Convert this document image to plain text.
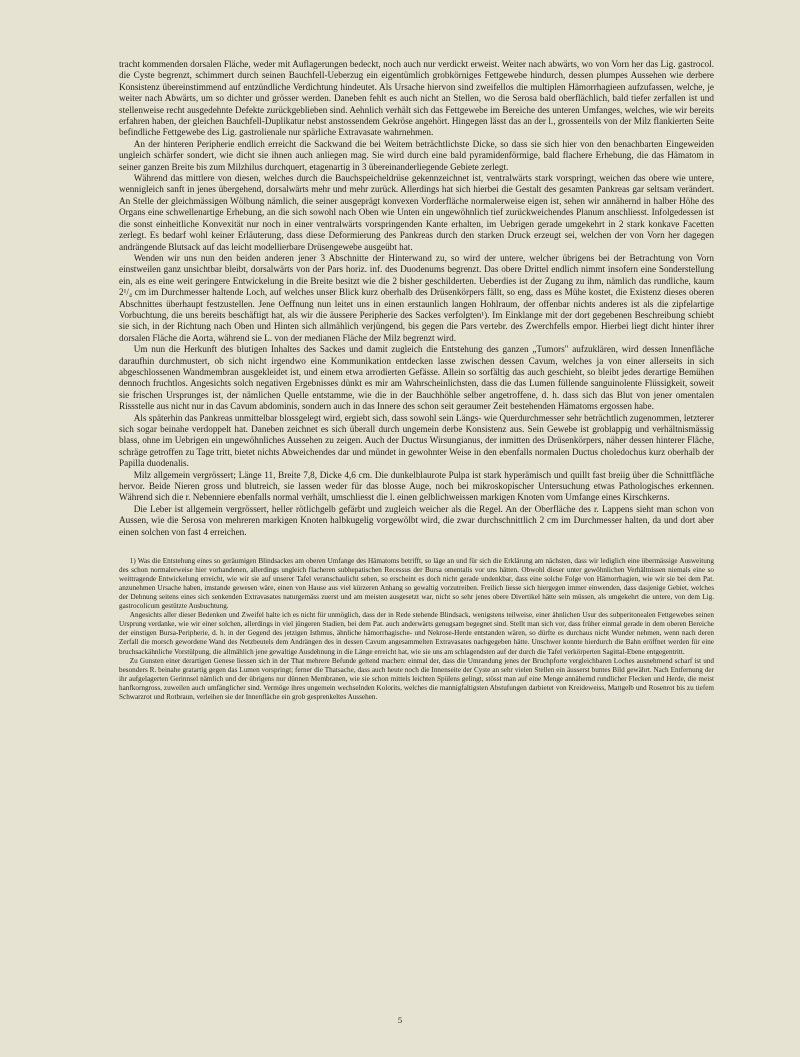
tracht kommenden dorsalen Fläche, weder mit Auflagerungen bedeckt, noch auch nur verdickt erweist. Weiter nach abwärts, wo von Vorn her das Lig. gastrocol. die Cyste begrenzt, schimmert durch seinen Bauchfell-Ueberzug ein eigentümlich grobkörniges Fettgewebe hindurch, dessen plumpes Aussehen wie derbere Konsistenz übereinstimmend auf entzündliche Verdichtung hindeutet. Als Ursache hiervon sind zweifellos die multiplen Hämorrhagieen aufzufassen, welche, je weiter nach Abwärts, um so dichter und grösser werden. Daneben fehlt es auch nicht an Stellen, wo die Serosa bald oberflächlich, bald tiefer zerfallen ist und stellenweise recht ausgedehnte Defekte zurückgeblieben sind. Aehnlich verhält sich das Fettgewebe im Bereiche des unteren Umfanges, welches, wie wir bereits erfahren haben, der gleichen Bauchfell-Duplikatur nebst anstossendem Gekröse angehört. Hingegen lässt das an der l., grossenteils von der Milz flankierten Seite befindliche Fettgewebe des Lig. gastrolienale nur spärliche Extravasate wahrnehmen.

An der hinteren Peripherie endlich erreicht die Sackwand die bei Weitem beträchtlichste Dicke, so dass sie sich hier von den benachbarten Eingeweiden ungleich schärfer sondert, wie dicht sie ihnen auch anliegen mag. Sie wird durch eine bald pyramidenförmige, bald flachere Erhebung, die das Hämatom in seiner ganzen Breite bis zum Milzhilus durchquert, etagenartig in 3 übereinanderliegende Gebiete zerlegt.

Während das mittlere von diesen, welches durch die Bauchspeicheldrüse gekennzeichnet ist, ventralwärts stark vorspringt, weichen das obere wie untere, wennigleich sanft in jenes übergehend, dorsalwärts mehr und mehr zurück. Allerdings hat sich hierbei die Gestalt des gesamten Pankreas gar seltsam verändert. An Stelle der gleichmässigen Wölbung nämlich, die seiner ausgeprägt konvexen Vorderfläche normalerweise eigen ist, sehen wir annähernd in halber Höhe des Organs eine schwellenartige Erhebung, an die sich sowohl nach Oben wie Unten ein ungewöhnlich tief zurückweichendes Planum anschliesst. Infolgedessen ist die sonst einheitliche Konvexität nur noch in einer ventralwärts vorspringenden Kante erhalten, im Uebrigen gerade umgekehrt in 2 stark konkave Facetten zerlegt. Es bedarf wohl keiner Erläuterung, dass diese Deformierung des Pankreas durch den starken Druck erzeugt sei, welchen der von Vorn her dagegen andrängende Blutsack auf das leicht modellierbare Drüsengewebe ausgeübt hat.

Wenden wir uns nun den beiden anderen jener 3 Abschnitte der Hinterwand zu, so wird der untere, welcher übrigens bei der Betrachtung von Vorn einstweilen ganz unsichtbar bleibt, dorsalwärts von der Pars horiz. inf. des Duodenums begrenzt. Das obere Drittel endlich nimmt insofern eine Sonderstellung ein, als es eine weit geringere Entwickelung in die Breite besitzt wie die 2 bisher geschilderten. Ueberdies ist der Zugang zu ihm, nämlich das rundliche, kaum 2¹/₄ cm im Durchmesser haltende Loch, auf welches unser Blick kurz oberhalb des Drüsenkörpers fällt, so eng, dass es Mühe kostet, die Existenz dieses oberen Abschnittes überhaupt festzustellen. Jene Oeffnung nun leitet uns in einen erstaunlich langen Hohlraum, der offenbar nichts anderes ist als die zipfelartige Vorbuchtung, die uns bereits beschäftigt hat, als wir die äussere Peripherie des Sackes verfolgten¹). Im Einklange mit der dort gegebenen Beschreibung schiebt sie sich, in der Richtung nach Oben und Hinten sich allmählich verjüngend, bis gegen die Pars vertebr. des Zwerchfells empor. Hierbei liegt dicht hinter ihrer dorsalen Fläche die Aorta, während sie L. von der medianen Fläche der Milz begrenzt wird.

Um nun die Herkunft des blutigen Inhaltes des Sackes und damit zugleich die Entstehung des ganzen „Tumors" aufzuklären, wird dessen Innenfläche daraufhin durchmustert, ob sich nicht irgendwo eine Kommunikation entdecken lasse zwischen dessen Cavum, welches ja von einer allerseits in sich abgeschlossenen Wandmembran ausgekleidet ist, und einem etwa arrodierten Gefässe. Allein so sorfältig das auch geschieht, so bleibt jedes derartige Bemühen dennoch fruchtlos. Angesichts solch negativen Ergebnisses dünkt es mir am Wahrscheinlichsten, dass die das Lumen füllende sanguinolente Flüssigkeit, soweit sie frischen Ursprunges ist, der nämlichen Quelle entstamme, wie die in der Bauchhöhle selber angetroffene, d. h. dass sich das Blut von jener omentalen Rissstelle aus nicht nur in das Cavum abdominis, sondern auch in das Innere des schon seit geraumer Zeit bestehenden Hämatoms ergossen habe.

Als späterhin das Pankreas unmittelbar blossgelegt wird, ergiebt sich, dass sowohl sein Längs- wie Querdurchmesser sehr beträchtlich zugenommen, letzterer sich sogar beinahe verdoppelt hat. Daneben zeichnet es sich überall durch ungemein derbe Konsistenz aus. Sein Gewebe ist groblappig und verhältnismässig blass, ohne im Uebrigen ein ungewöhnliches Aussehen zu zeigen. Auch der Ductus Wirsungianus, der inmitten des Drüsenkörpers, näher dessen hinterer Fläche, schräge getroffen zu Tage tritt, bietet nichts Abweichendes dar und mündet in gewohnter Weise in den ebenfalls normalen Ductus choledochus kurz oberhalb der Papilla duodenalis.

Milz allgemein vergrössert; Länge 11, Breite 7,8, Dicke 4,6 cm. Die dunkelblaurote Pulpa ist stark hyperämisch und quillt fast breiig über die Schnittfläche hervor. Beide Nieren gross und blutreich, sie lassen weder für das blosse Auge, noch bei mikroskopischer Untersuchung etwas Pathologisches erkennen. Während sich die r. Nebenniere ebenfalls normal verhält, umschliesst die l. einen gelblichweissen markigen Knoten vom Umfange eines Kirschkerns.

Die Leber ist allgemein vergrössert, heller rötlichgelb gefärbt und zugleich weicher als die Regel. An der Oberfläche des r. Lappens sieht man schon von Aussen, wie die Serosa von mehreren markigen Knoten halbkugelig vorgewölbt wird, die zwar durchschnittlich 2 cm im Durchmesser halten, da und dort aber einen solchen von fast 4 erreichen.

1) Was die Entstehung eines so geräumigen Blindsackes am oberen Umfange des Hämatoms betrifft, so läge an und für sich die Erklärung am nächsten, dass wir lediglich eine übermässige Ausweitung des schon normalerweise hier vorhandenen, allerdings ungleich flacheren subhepatischen Recessus der Bursa omentalis vor uns hätten. Obwohl dieser unter gewöhnlichen Verhältnissen niemals eine so weittragende Entwickelung erreicht, wie wir sie auf unserer Tafel veranschaulicht sehen, so erscheint es doch nicht gerade undenkbar, dass eine solche Folge von Hämorrhagien, wie wir sie bei dem Pat. anzunehmen Ursache haben, imstande gewesen wäre, einen von Hause aus viel kürzeren Anhang so gewaltig vorzutreiben. Freilich liesse sich hiergegen immer einwenden, dass dasjenige Gebiet, welches der Dehnung seitens eines sich senkenden Extravasates naturgemäss zuerst und am meisten ausgesetzt war, nicht so sehr jenes obere Divertikel hätte sein müssen, als umgekehrt die untere, von dem Lig. gastrocolicum gestützte Ausbuchtung.

Angesichts aller dieser Bedenken und Zweifel halte ich es nicht für unmöglich, dass der in Rede stehende Blindsack, wenigstens teilweise, einer ähnlichen Usur des subperitonealen Fettgewebes seinen Ursprung verdanke, wie wir einer solchen, allerdings in viel jüngeren Stadien, bei dem Pat. auch anderwärts genugsam begegnet sind. Stellt man sich vor, dass früher einmal gerade in dem oberen Bereiche der einstigen Bursa-Peripherie, d. h. in der Gegend des jetzigen Isthmus, ähnliche hämorrhagische- und Nekrose-Herde entstanden wären, so dürfte es durchaus nicht Wunder nehmen, wenn nach deren Zerfall die morsch gewordene Wand des Netzbeutels dem Andrängen des in dessen Cavum angesammelten Extravasates nachgegeben hätte. Unschwer konnte hierdurch die Bahn eröffnet werden für eine bruchsackähnliche Vorstülpung, die allmählich jene gewaltige Ausdehnung in die Länge erreicht hat, wie sie uns am schlagendsten auf der durch die Tafel verkörperten Sagittal-Ebene entgegentritt.

Zu Gunsten einer derartigen Genese liessen sich in der That mehrere Befunde geltend machen: einmal der, dass die Umrandung jenes der Bruchpforte vergleichbaren Loches ausnehmend scharf ist und besonders R. beinahe gratartig gegen das Lumen vorspringt; ferner die Thatsache, dass auch heute noch die Innenseite der Cyste an sehr vielen Stellen ein äusserst buntes Bild gewährt. Nach Entfernung der ihr aufgelagerten Gerinnsel nämlich und der übrigens nur dünnen Membranen, wie sie schon mittels leichten Spülens gelingt, stösst man auf eine Menge annähernd rundlicher Flecken und Herde, die meist hanfkorngross, zuweilen auch umfänglicher sind. Vermöge ihres ungemein wechselnden Kolorits, welches die mannigfaltigsten Abstufungen darbietet von Kreideweiss, Mattgelb und Rosenrot bis zu tiefem Schwarzrot und Rotbraun, verleihen sie der Innenfläche ein grob gesprenkeltes Aussehen.

5
